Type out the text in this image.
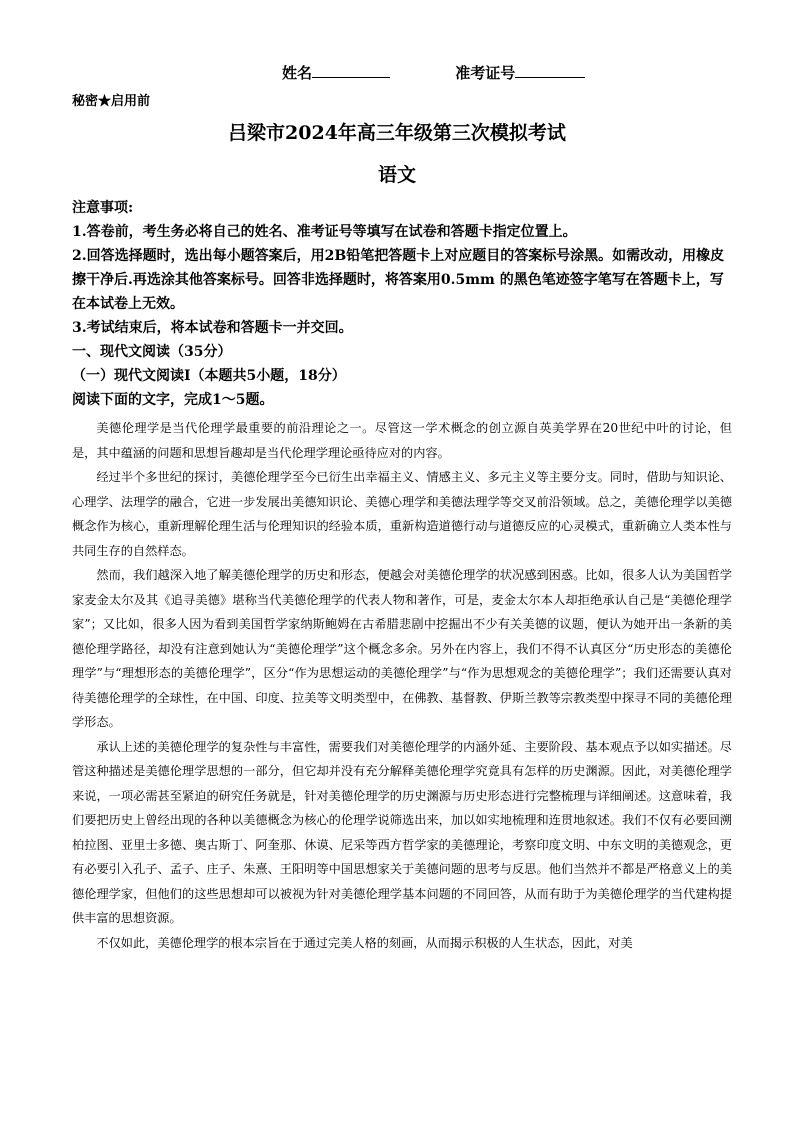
姓名	准考证号
秘密★启用前
吕梁市2024年高三年级第三次模拟考试
语文

注意事项:

1.答卷前，考生务必将自己的姓名、准考证号等填写在试卷和答题卡指定位置上。

2.回答选择题时，选出每小题答案后，用2B铅笔把答题卡上对应题目的答案标号涂黑。如需改动，用橡皮擦干净后.再选涂其他答案标号。回答非选择题时，将答案用0.5mm 的黑色笔迹签字笔写在答题卡上，写在本试卷上无效。

3.考试结束后，将本试卷和答题卡一并交回。

一、现代文阅读（35分）

（一）现代文阅读Ⅰ（本题共5小题，18分）

阅读下面的文字，完成1～5题。

美德伦理学是当代伦理学最重要的前沿理论之一。尽管这一学术概念的创立源自英美学界在20世纪中叶的讨论，但是，其中蕴涵的问题和思想旨趣却是当代伦理学理论亟待应对的内容。

经过半个多世纪的探讨，美德伦理学至今已衍生出幸福主义、情感主义、多元主义等主要分支。同时，借助与知识论、心理学、法理学的融合，它进一步发展出美德知识论、美德心理学和美德法理学等交叉前沿领域。总之，美德伦理学以美德概念作为核心，重新理解伦理生活与伦理知识的经验本质，重新构造道德行动与道德反应的心灵模式，重新确立人类本性与共同生存的自然样态。

然而，我们越深入地了解美德伦理学的历史和形态，便越会对美德伦理学的状况感到困惑。比如，很多人认为美国哲学家麦金太尔及其《追寻美德》堪称当代美德伦理学的代表人物和著作，可是，麦金太尔本人却拒绝承认自己是“美德伦理学家”；又比如，很多人因为看到美国哲学家纳斯鲍姆在古希腊悲剧中挖掘出不少有关美德的议题，便认为她开出一条新的美德伦理学路径，却没有注意到她认为“美德伦理学”这个概念多余。另外在内容上，我们不得不认真区分“历史形态的美德伦理学”与“理想形态的美德伦理学”，区分“作为思想运动的美德伦理学”与“作为思想观念的美德伦理学”；我们还需要认真对待美德伦理学的全球性，在中国、印度、拉美等文明类型中，在佛教、基督教、伊斯兰教等宗教类型中探寻不同的美德伦理学形态。

承认上述的美德伦理学的复杂性与丰富性，需要我们对美德伦理学的内涵外延、主要阶段、基本观点予以如实描述。尽管这种描述是美德伦理学思想的一部分，但它却并没有充分解释美德伦理学究竟具有怎样的历史渊源。因此，对美德伦理学来说，一项必需甚至紧迫的研究任务就是，针对美德伦理学的历史渊源与历史形态进行完整梳理与详细阐述。这意味着，我们要把历史上曾经出现的各种以美德概念为核心的伦理学说筛选出来，加以如实地梳理和连贯地叙述。我们不仅有必要回溯柏拉图、亚里士多德、奥古斯丁、阿奎那、休谟、尼采等西方哲学家的美德理论，考察印度文明、中东文明的美德观念，更有必要引入孔子、孟子、庄子、朱熹、王阳明等中国思想家关于美德问题的思考与反思。他们当然并不都是严格意义上的美德伦理学家，但他们的这些思想却可以被视为针对美德伦理学基本问题的不同回答，从而有助于为美德伦理学的当代建构提供丰富的思想资源。

不仅如此，美德伦理学的根本宗旨在于通过完美人格的刻画，从而揭示积极的人生状态，因此，对美
